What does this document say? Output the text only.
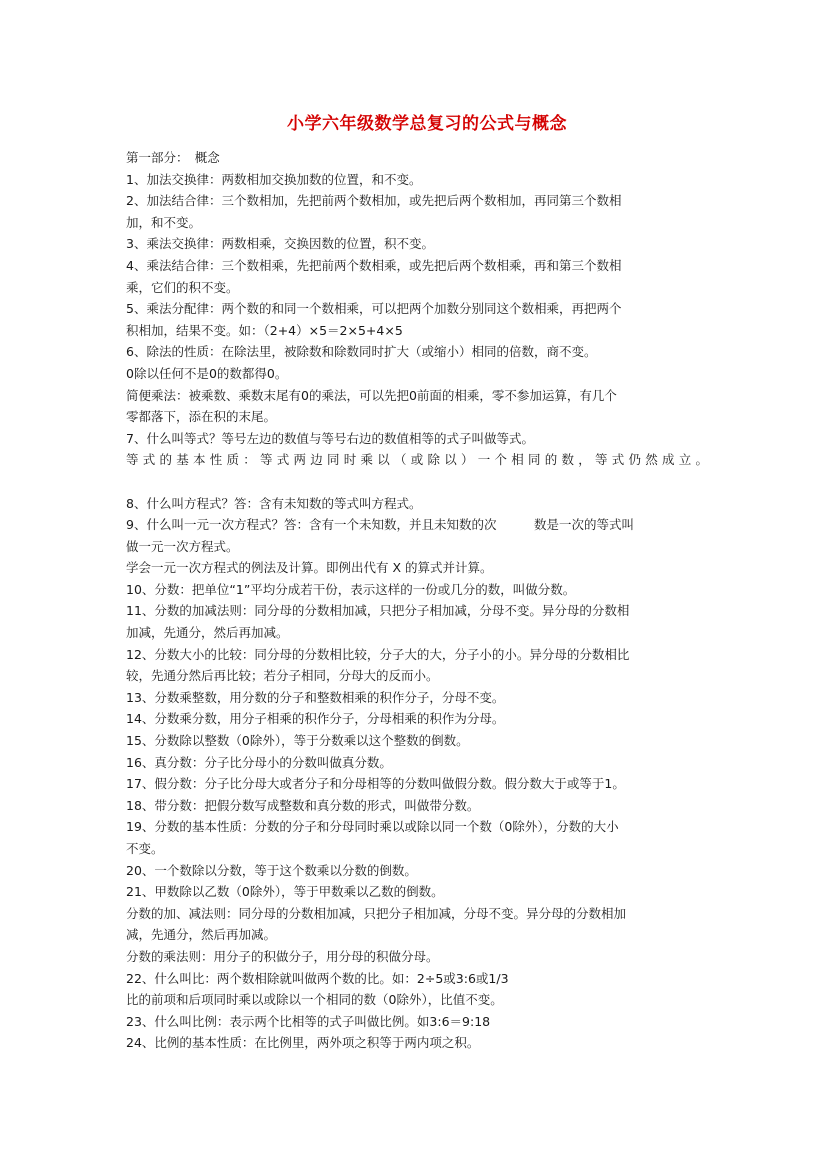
小学六年级数学总复习的公式与概念
第一部分：　概念
1、加法交换律：两数相加交换加数的位置，和不变。
2、加法结合律：三个数相加，先把前两个数相加，或先把后两个数相加，再同第三个数相
加，和不变。
3、乘法交换律：两数相乘，交换因数的位置，积不变。
4、乘法结合律：三个数相乘，先把前两个数相乘，或先把后两个数相乘，再和第三个数相
乘，它们的积不变。
5、乘法分配律：两个数的和同一个数相乘，可以把两个加数分别同这个数相乘，再把两个
积相加，结果不变。如：（2+4）×5＝2×5+4×5
6、除法的性质：在除法里，被除数和除数同时扩大（或缩小）相同的倍数，商不变。
0除以任何不是0的数都得0。
简便乘法：被乘数、乘数末尾有0的乘法，可以先把0前面的相乘，零不参加运算，有几个
零都落下，添在积的末尾。
7、什么叫等式？等号左边的数值与等号右边的数值相等的式子叫做等式。
等式的基本性质：等式两边同时乘以（或除以）一个相同的数，等式仍然成立。
8、什么叫方程式？答：含有未知数的等式叫方程式。
9、什么叫一元一次方程式？答：含有一个未知数，并且未知数的次　　　数是一次的等式叫
做一元一次方程式。
学会一元一次方程式的例法及计算。即例出代有 X 的算式并计算。
10、分数：把单位“1”平均分成若干份，表示这样的一份或几分的数，叫做分数。
11、分数的加减法则：同分母的分数相加减，只把分子相加减，分母不变。异分母的分数相
加减，先通分，然后再加减。
12、分数大小的比较：同分母的分数相比较，分子大的大，分子小的小。异分母的分数相比
较，先通分然后再比较；若分子相同，分母大的反而小。
13、分数乘整数，用分数的分子和整数相乘的积作分子，分母不变。
14、分数乘分数，用分子相乘的积作分子，分母相乘的积作为分母。
15、分数除以整数（0除外），等于分数乘以这个整数的倒数。
16、真分数：分子比分母小的分数叫做真分数。
17、假分数：分子比分母大或者分子和分母相等的分数叫做假分数。假分数大于或等于1。
18、带分数：把假分数写成整数和真分数的形式，叫做带分数。
19、分数的基本性质：分数的分子和分母同时乘以或除以同一个数（0除外），分数的大小
不变。
20、一个数除以分数，等于这个数乘以分数的倒数。
21、甲数除以乙数（0除外），等于甲数乘以乙数的倒数。
分数的加、减法则：同分母的分数相加减，只把分子相加减，分母不变。异分母的分数相加
减，先通分，然后再加减。
分数的乘法则：用分子的积做分子，用分母的积做分母。
22、什么叫比：两个数相除就叫做两个数的比。如：2÷5或3:6或1/3
比的前项和后项同时乘以或除以一个相同的数（0除外），比值不变。
23、什么叫比例：表示两个比相等的式子叫做比例。如3:6＝9:18
24、比例的基本性质：在比例里，两外项之积等于两内项之积。
